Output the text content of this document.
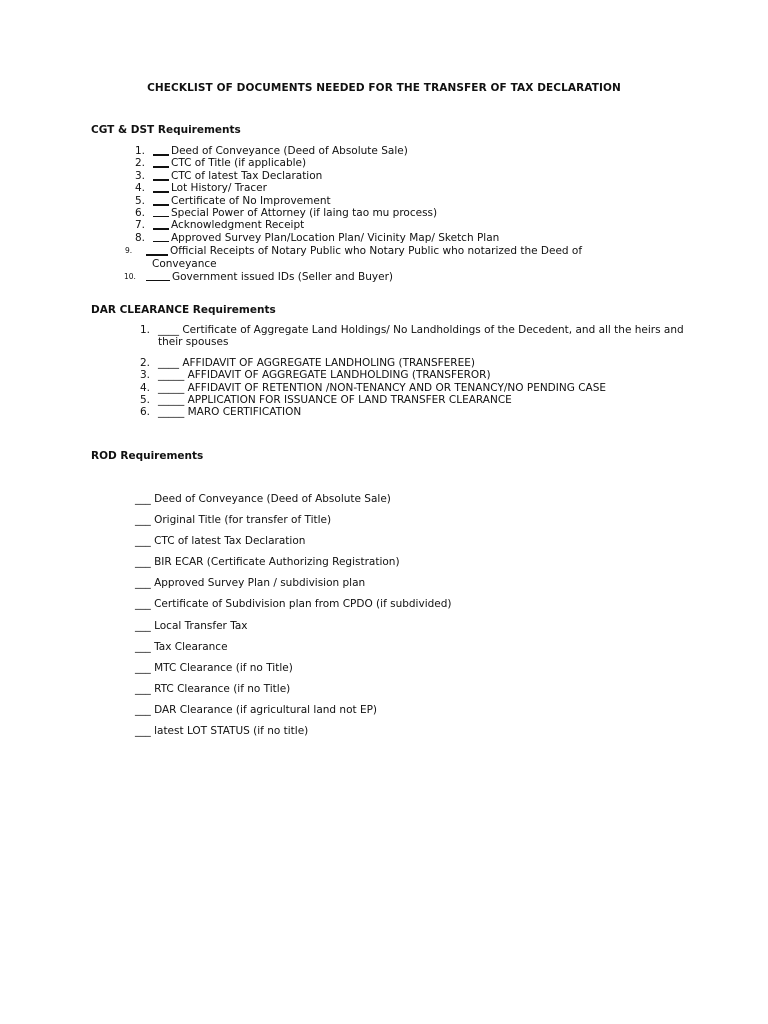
CHECKLIST OF DOCUMENTS NEEDED FOR THE TRANSFER OF TAX DECLARATION
CGT & DST Requirements
1.	Deed of Conveyance (Deed of Absolute Sale)
2.	CTC of Title (if applicable)
3.	CTC of latest Tax Declaration
4.	Lot History/ Tracer
5.	Certificate of No Improvement
6.	Special Power of Attorney (if laing tao mu process)
7.	Acknowledgment Receipt
8.	Approved Survey Plan/Location Plan/ Vicinity Map/ Sketch Plan
9.	Official Receipts of Notary Public who Notary Public who notarized the Deed of
Conveyance
10.	Government issued IDs (Seller and Buyer)
DAR CLEARANCE Requirements
1. ____ Certificate of Aggregate Land Holdings/ No Landholdings of the Decedent, and all the heirs and their spouses
2. ____ AFFIDAVIT OF AGGREGATE LANDHOLING (TRANSFEREE)
3. _____ AFFIDAVIT OF AGGREGATE LANDHOLDING (TRANSFEROR)
4. _____ AFFIDAVIT OF RETENTION /NON-TENANCY AND OR TENANCY/NO PENDING CASE
5. _____ APPLICATION FOR ISSUANCE OF LAND TRANSFER CLEARANCE
6. _____ MARO CERTIFICATION
ROD Requirements
___ Deed of Conveyance (Deed of Absolute Sale)
___ Original Title (for transfer of Title)
___ CTC of latest Tax Declaration
___ BIR ECAR (Certificate Authorizing Registration)
___ Approved Survey Plan / subdivision plan
___ Certificate of Subdivision plan from CPDO (if subdivided)
___ Local Transfer Tax
___ Tax Clearance
___ MTC Clearance (if no Title)
___ RTC Clearance (if no Title)
___ DAR Clearance (if agricultural land not EP)
___ latest LOT STATUS (if no title)
